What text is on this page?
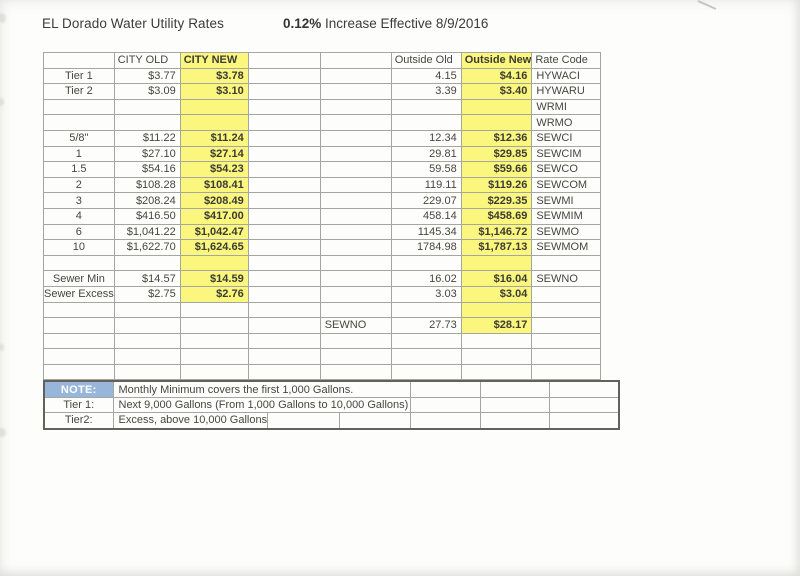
EL Dorado Water Utility Rates	0.12% Increase Effective 8/9/2016
	CITY OLD	CITY NEW			Outside Old	Outside New	Rate Code
Tier 1	$3.77	$3.78			4.15	$4.16	HYWACI
Tier 2	$3.09	$3.10			3.39	$3.40	HYWARU
							WRMI
							WRMO
5/8"	$11.22	$11.24			12.34	$12.36	SEWCI
1	$27.10	$27.14			29.81	$29.85	SEWCIM
1.5	$54.16	$54.23			59.58	$59.66	SEWCO
2	$108.28	$108.41			119.11	$119.26	SEWCOM
3	$208.24	$208.49			229.07	$229.35	SEWMI
4	$416.50	$417.00			458.14	$458.69	SEWMIM
6	$1,041.22	$1,042.47			1145.34	$1,146.72	SEWMO
10	$1,622.70	$1,624.65			1784.98	$1,787.13	SEWMOM

Sewer Min	$14.57	$14.59			16.02	$16.04	SEWNO
Sewer Excess	$2.75	$2.76			3.03	$3.04	

				SEWNO	27.73	$28.17	

NOTE:	Monthly Minimum covers the first 1,000 Gallons.					
Tier 1:	Next 9,000 Gallons (From 1,000 Gallons to 10,000 Gallons)					
Tier2:	Excess, above 10,000 Gallons					
